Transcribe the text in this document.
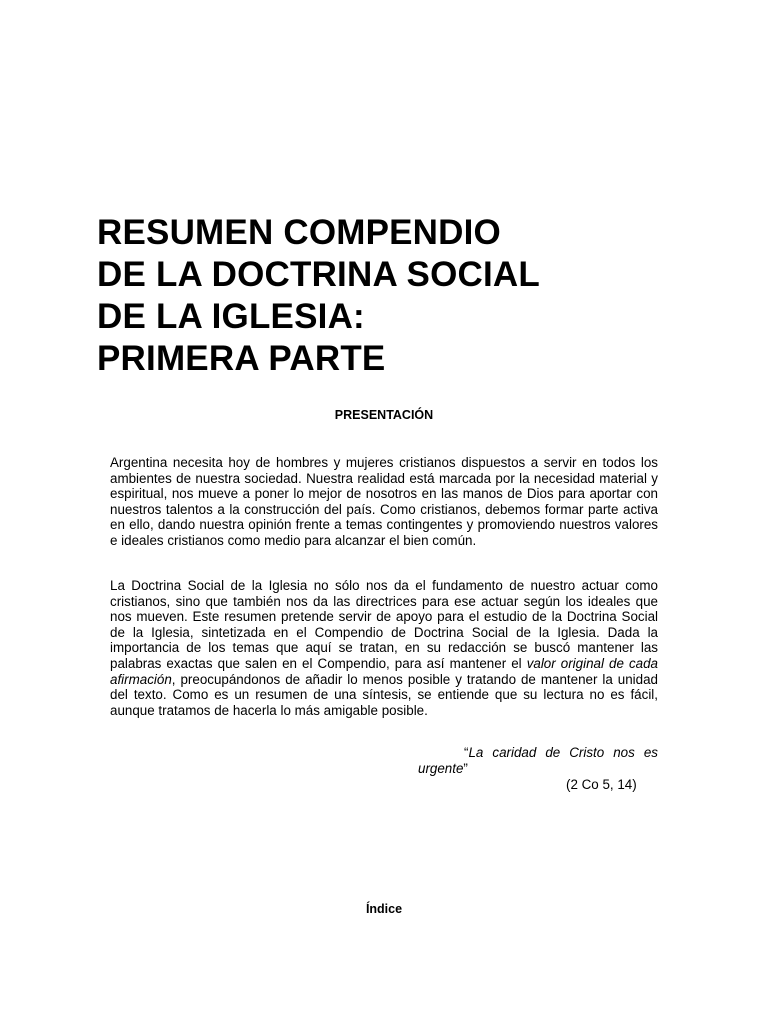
RESUMEN COMPENDIO
DE LA DOCTRINA SOCIAL
DE LA IGLESIA:
PRIMERA PARTE
PRESENTACIÓN

Argentina necesita hoy de hombres y mujeres cristianos dispuestos a servir en todos los ambientes de nuestra sociedad. Nuestra realidad está marcada por la necesidad material y espiritual, nos mueve a poner lo mejor de nosotros en las manos de Dios para aportar con nuestros talentos a la construcción del país. Como cristianos, debemos formar parte activa en ello, dando nuestra opinión frente a temas contingentes y promoviendo nuestros valores e ideales cristianos como medio para alcanzar el bien común.

La Doctrina Social de la Iglesia no sólo nos da el fundamento de nuestro actuar como cristianos, sino que también nos da las directrices para ese actuar según los ideales que nos mueven. Este resumen pretende servir de apoyo para el estudio de la Doctrina Social de la Iglesia, sintetizada en el Compendio de Doctrina Social de la Iglesia. Dada la importancia de los temas que aquí se tratan, en su redacción se buscó mantener las palabras exactas que salen en el Compendio, para así mantener el valor original de cada afirmación, preocupándonos de añadir lo menos posible y tratando de mantener la unidad del texto. Como es un resumen de una síntesis, se entiende que su lectura no es fácil, aunque tratamos de hacerla lo más amigable posible.

“La caridad de Cristo nos es
urgente”
(2 Co 5, 14)
Índice
